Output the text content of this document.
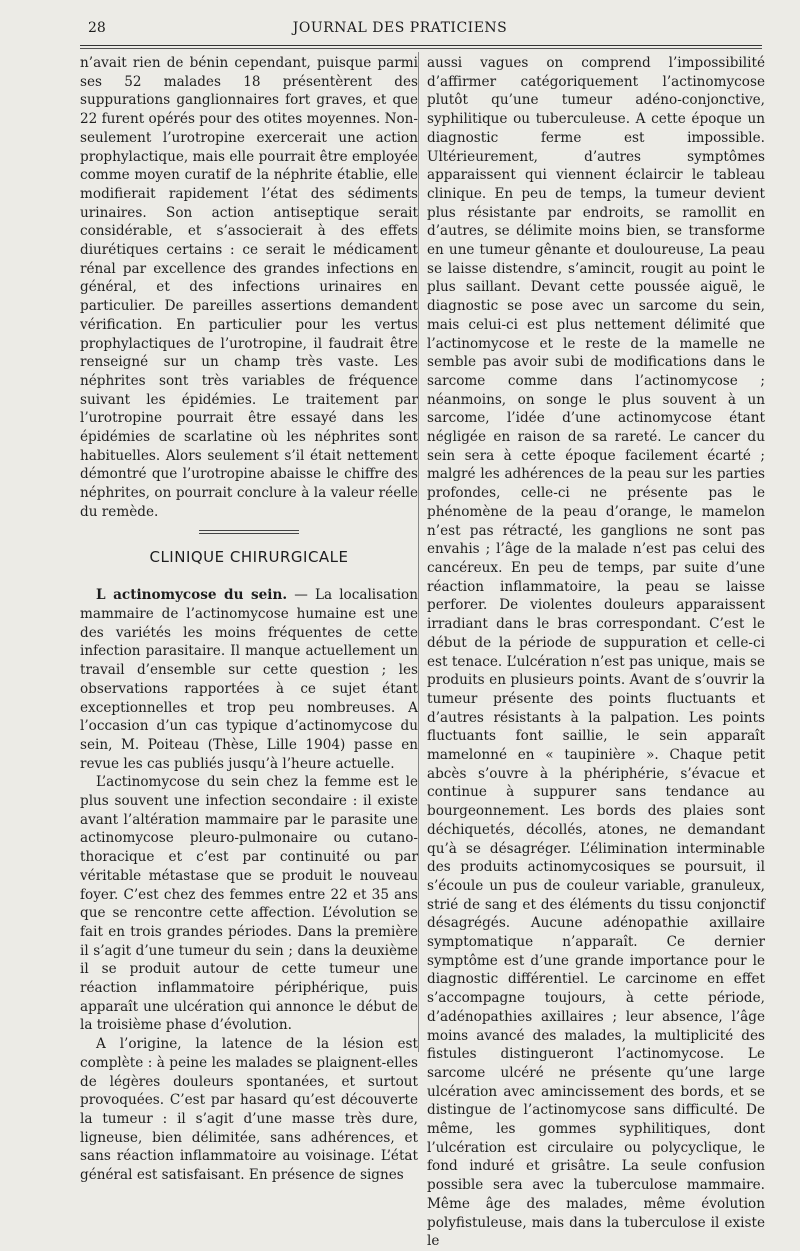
28	JOURNAL DES PRATICIENS

n’avait rien de bénin cependant, puisque parmi ses 52 malades 18 présentèrent des suppurations ganglionnaires fort graves, et que 22 furent opérés pour des otites moyennes. Non-seulement l’urotropine exercerait une action prophylactique, mais elle pourrait être employée comme moyen curatif de la néphrite établie, elle modifierait rapidement l’état des sédiments urinaires. Son action antiseptique serait considérable, et s’associerait à des effets diurétiques certains : ce serait le médicament rénal par excellence des grandes infections en général, et des infections urinaires en particulier. De pareilles assertions demandent vérification. En particulier pour les vertus prophylactiques de l’urotropine, il faudrait être renseigné sur un champ très vaste. Les néphrites sont très variables de fréquence suivant les épidémies. Le traitement par l’urotropine pourrait être essayé dans les épidémies de scarlatine où les néphrites sont habituelles. Alors seulement s’il était nettement démontré que l’urotropine abaisse le chiffre des néphrites, on pourrait conclure à la valeur réelle du remède.

CLINIQUE CHIRURGICALE

L actinomycose du sein. — La localisation mammaire de l’actinomycose humaine est une des variétés les moins fréquentes de cette infection parasitaire. Il manque actuellement un travail d’ensemble sur cette question ; les observations rapportées à ce sujet étant exceptionnelles et trop peu nombreuses. A l’occasion d’un cas typique d’actinomycose du sein, M. Poiteau (Thèse, Lille 1904) passe en revue les cas publiés jusqu’à l’heure actuelle.

L’actinomycose du sein chez la femme est le plus souvent une infection secondaire : il existe avant l’altération mammaire par le parasite une actinomycose pleuro-pulmonaire ou cutano-thoracique et c’est par continuité ou par véritable métastase que se produit le nouveau foyer. C’est chez des femmes entre 22 et 35 ans que se rencontre cette affection. L’évolution se fait en trois grandes périodes. Dans la première il s’agit d’une tumeur du sein ; dans la deuxième il se produit autour de cette tumeur une réaction inflammatoire périphérique, puis apparaît une ulcération qui annonce le début de la troisième phase d’évolution.

A l’origine, la latence de la lésion est complète : à peine les malades se plaignent-elles de légères douleurs spontanées, et surtout provoquées. C’est par hasard qu’est découverte la tumeur : il s’agit d’une masse très dure, ligneuse, bien délimitée, sans adhérences, et sans réaction inflammatoire au voisinage. L’état général est satisfaisant. En présence de signes

aussi vagues on comprend l’impossibilité d’affirmer catégoriquement l’actinomycose plutôt qu’une tumeur adéno-conjonctive, syphilitique ou tuberculeuse. A cette époque un diagnostic ferme est impossible. Ultérieurement, d’autres symptômes apparaissent qui viennent éclaircir le tableau clinique. En peu de temps, la tumeur devient plus résistante par endroits, se ramollit en d’autres, se délimite moins bien, se transforme en une tumeur gênante et douloureuse, La peau se laisse distendre, s’amincit, rougit au point le plus saillant. Devant cette poussée aiguë, le diagnostic se pose avec un sarcome du sein, mais celui-ci est plus nettement délimité que l’actinomycose et le reste de la mamelle ne semble pas avoir subi de modifications dans le sarcome comme dans l’actinomycose ; néanmoins, on songe le plus souvent à un sarcome, l’idée d’une actinomycose étant négligée en raison de sa rareté. Le cancer du sein sera à cette époque facilement écarté ; malgré les adhérences de la peau sur les parties profondes, celle-ci ne présente pas le phénomène de la peau d’orange, le mamelon n’est pas rétracté, les ganglions ne sont pas envahis ; l’âge de la malade n’est pas celui des cancéreux. En peu de temps, par suite d’une réaction inflammatoire, la peau se laisse perforer. De violentes douleurs apparaissent irradiant dans le bras correspondant. C’est le début de la période de suppuration et celle-ci est tenace. L’ulcération n’est pas unique, mais se produits en plusieurs points. Avant de s’ouvrir la tumeur présente des points fluctuants et d’autres résistants à la palpation. Les points fluctuants font saillie, le sein apparaît mamelonné en « taupinière ». Chaque petit abcès s’ouvre à la phériphérie, s’évacue et continue à suppurer sans tendance au bourgeonnement. Les bords des plaies sont déchiquetés, décollés, atones, ne demandant qu’à se désagréger. L’élimination interminable des produits actinomycosiques se poursuit, il s’écoule un pus de couleur variable, granuleux, strié de sang et des éléments du tissu conjonctif désagrégés. Aucune adénopathie axillaire symptomatique n’apparaît. Ce dernier symptôme est d’une grande importance pour le diagnostic différentiel. Le carcinome en effet s’accompagne toujours, à cette période, d’adénopathies axillaires ; leur absence, l’âge moins avancé des malades, la multiplicité des fistules distingueront l’actinomycose. Le sarcome ulcéré ne présente qu’une large ulcération avec amincissement des bords, et se distingue de l’actinomycose sans difficulté. De même, les gommes syphilitiques, dont l’ulcération est circulaire ou polycyclique, le fond induré et grisâtre. La seule confusion possible sera avec la tuberculose mammaire. Même âge des malades, même évolution polyfistuleuse, mais dans la tuberculose il existe le
